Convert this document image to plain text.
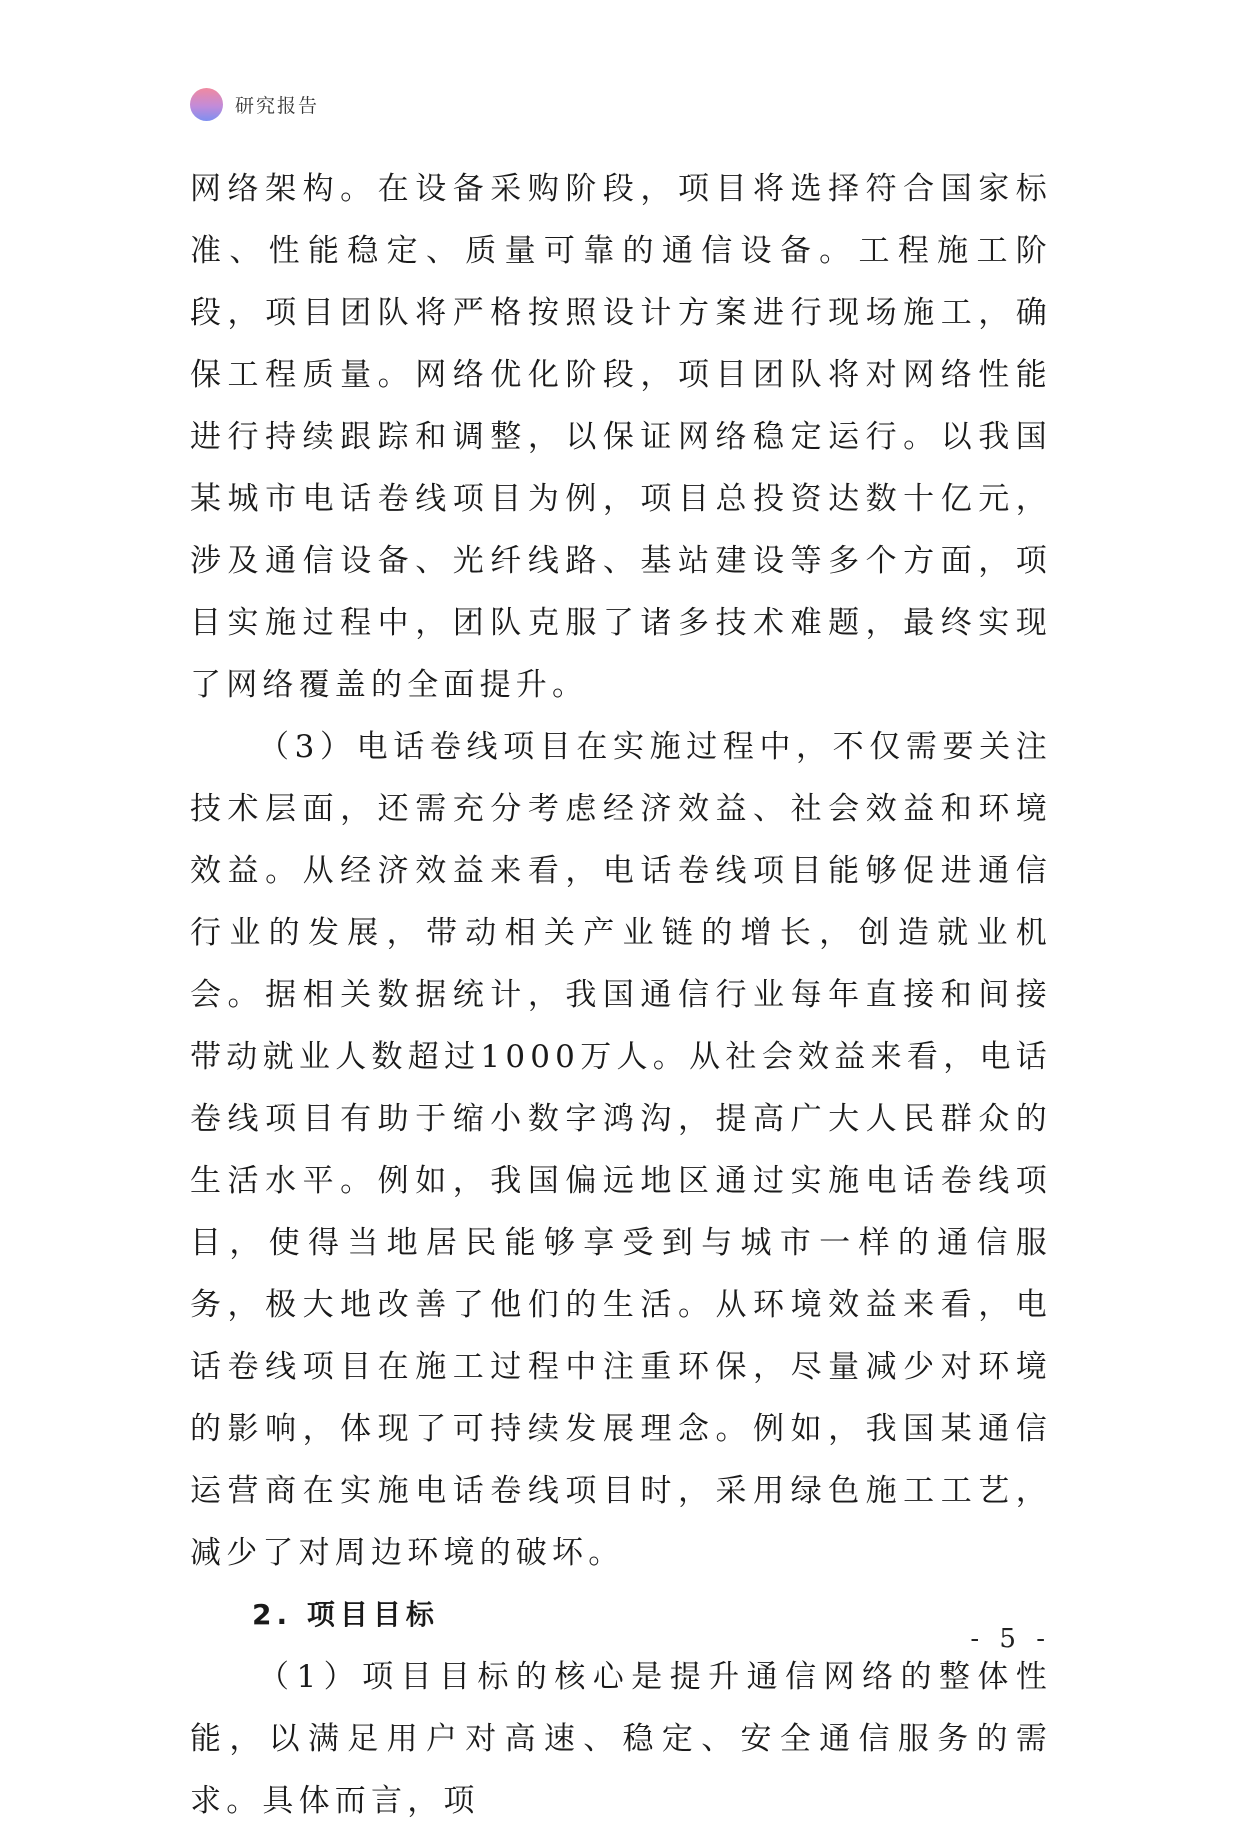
研究报告

网络架构。在设备采购阶段，项目将选择符合国家标准、性能稳定、质量可靠的通信设备。工程施工阶段，项目团队将严格按照设计方案进行现场施工，确保工程质量。网络优化阶段，项目团队将对网络性能进行持续跟踪和调整，以保证网络稳定运行。以我国某城市电话卷线项目为例，项目总投资达数十亿元，涉及通信设备、光纤线路、基站建设等多个方面，项目实施过程中，团队克服了诸多技术难题，最终实现了网络覆盖的全面提升。

（3）电话卷线项目在实施过程中，不仅需要关注技术层面，还需充分考虑经济效益、社会效益和环境效益。从经济效益来看，电话卷线项目能够促进通信行业的发展，带动相关产业链的增长，创造就业机会。据相关数据统计，我国通信行业每年直接和间接带动就业人数超过1000万人。从社会效益来看，电话卷线项目有助于缩小数字鸿沟，提高广大人民群众的生活水平。例如，我国偏远地区通过实施电话卷线项目，使得当地居民能够享受到与城市一样的通信服务，极大地改善了他们的生活。从环境效益来看，电话卷线项目在施工过程中注重环保，尽量减少对环境的影响，体现了可持续发展理念。例如，我国某通信运营商在实施电话卷线项目时，采用绿色施工工艺，减少了对周边环境的破坏。

2. 项目目标

（1）项目目标的核心是提升通信网络的整体性能，以满足用户对高速、稳定、安全通信服务的需求。具体而言，项

- 5 -
